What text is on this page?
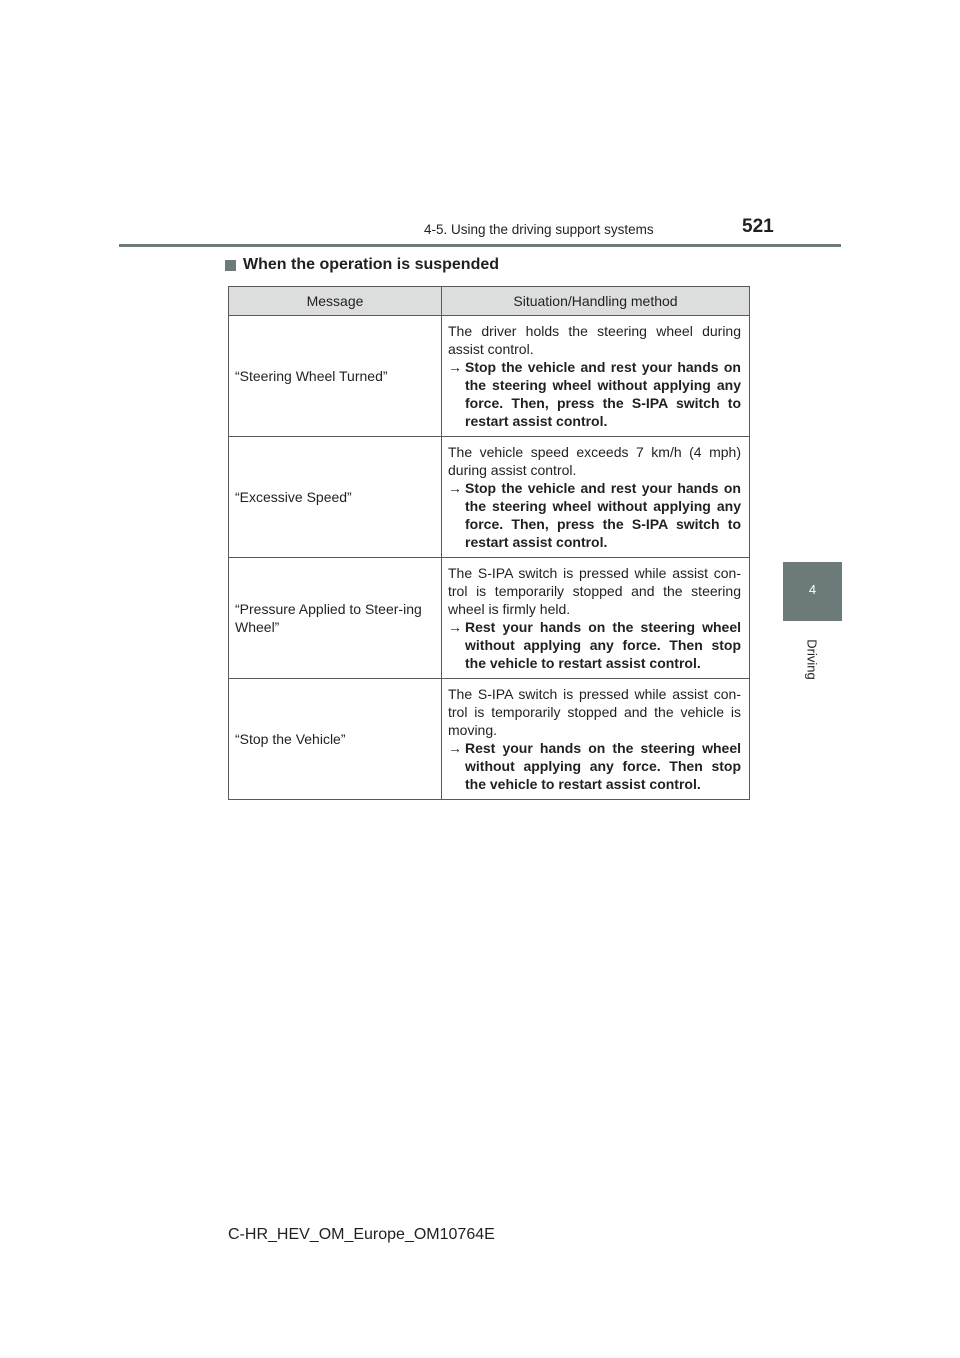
4-5. Using the driving support systems	521
4
Driving
When the operation is suspended
Message	Situation/Handling method
“Steering Wheel Turned”	The driver holds the steering wheel during assist control.
→ Stop the vehicle and rest your hands on the steering wheel without applying any force. Then, press the S-IPA switch to restart assist control.

“Excessive Speed”	The vehicle speed exceeds 7 km/h (4 mph) during assist control.
→ Stop the vehicle and rest your hands on the steering wheel without applying any force. Then, press the S-IPA switch to restart assist control.

“Pressure Applied to Steer-ing Wheel”	The S-IPA switch is pressed while assist con-trol is temporarily stopped and the steering wheel is firmly held.
→ Rest your hands on the steering wheel without applying any force. Then stop the vehicle to restart assist control.

“Stop the Vehicle”	The S-IPA switch is pressed while assist con-trol is temporarily stopped and the vehicle is moving.
→ Rest your hands on the steering wheel without applying any force. Then stop the vehicle to restart assist control.
C-HR_HEV_OM_Europe_OM10764E
